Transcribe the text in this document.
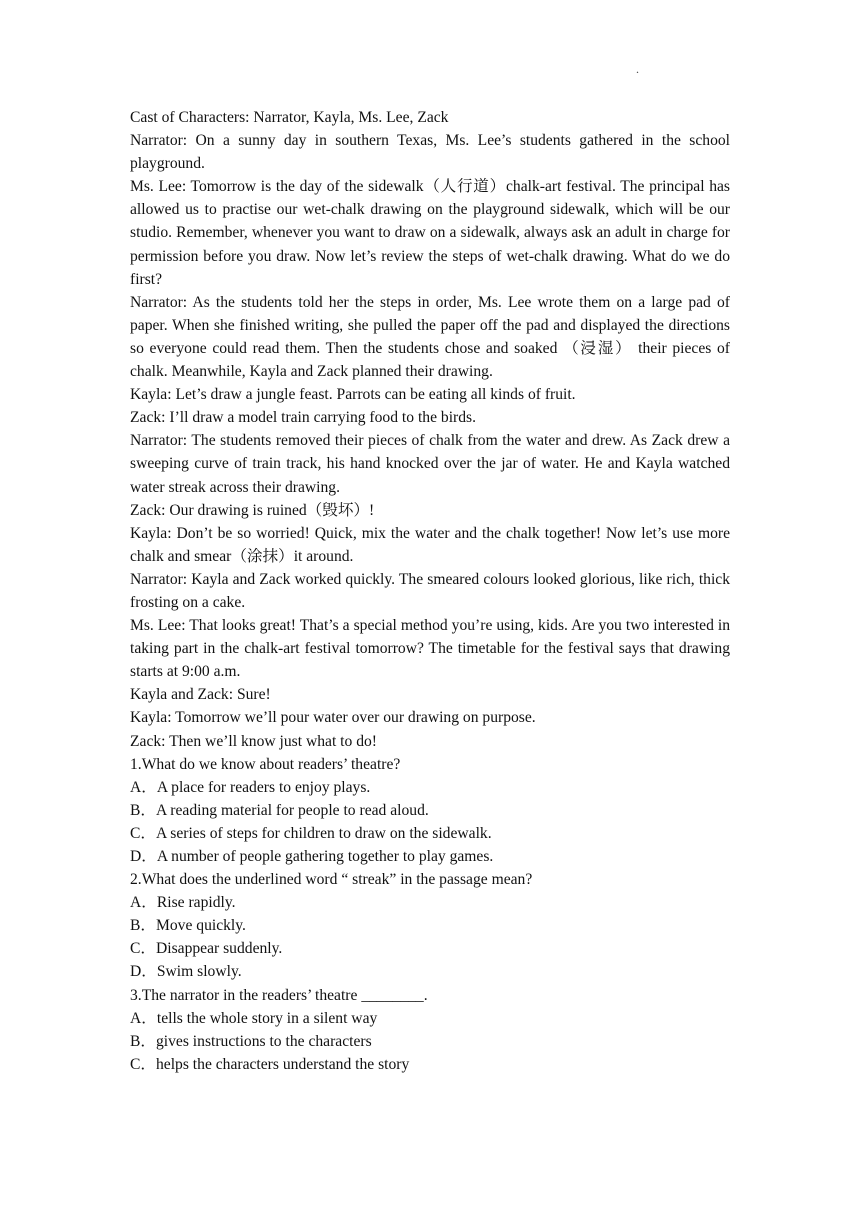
.

Cast of Characters: Narrator, Kayla, Ms. Lee, Zack

Narrator: On a sunny day in southern Texas, Ms. Lee’s students gathered in the school playground.

Ms. Lee: Tomorrow is the day of the sidewalk（人行道）chalk-art festival. The principal has allowed us to practise our wet-chalk drawing on the playground sidewalk, which will be our studio. Remember, whenever you want to draw on a sidewalk, always ask an adult in charge for permission before you draw. Now let’s review the steps of wet-chalk drawing. What do we do first?

Narrator: As the students told her the steps in order, Ms. Lee wrote them on a large pad of paper. When she finished writing, she pulled the paper off the pad and displayed the directions so everyone could read them. Then the students chose and soaked （浸湿） their pieces of chalk. Meanwhile, Kayla and Zack planned their drawing.

Kayla: Let’s draw a jungle feast. Parrots can be eating all kinds of fruit.

Zack: I’ll draw a model train carrying food to the birds.

Narrator: The students removed their pieces of chalk from the water and drew. As Zack drew a sweeping curve of train track, his hand knocked over the jar of water. He and Kayla watched water streak across their drawing.

Zack: Our drawing is ruined（毁坏）!

Kayla: Don’t be so worried! Quick, mix the water and the chalk together! Now let’s use more chalk and smear（涂抹）it around.

Narrator: Kayla and Zack worked quickly. The smeared colours looked glorious, like rich, thick frosting on a cake.

Ms. Lee: That looks great! That’s a special method you’re using, kids. Are you two interested in taking part in the chalk-art festival tomorrow? The timetable for the festival says that drawing starts at 9:00 a.m.

Kayla and Zack: Sure!

Kayla: Tomorrow we’ll pour water over our drawing on purpose.

Zack: Then we’ll know just what to do!

1.What do we know about readers’ theatre?

A．A place for readers to enjoy plays.

B．A reading material for people to read aloud.

C．A series of steps for children to draw on the sidewalk.

D．A number of people gathering together to play games.

2.What does the underlined word “ streak” in the passage mean?

A．Rise rapidly.

B．Move quickly.

C．Disappear suddenly.

D．Swim slowly.

3.The narrator in the readers’ theatre ________.

A．tells the whole story in a silent way

B．gives instructions to the characters

C．helps the characters understand the story
